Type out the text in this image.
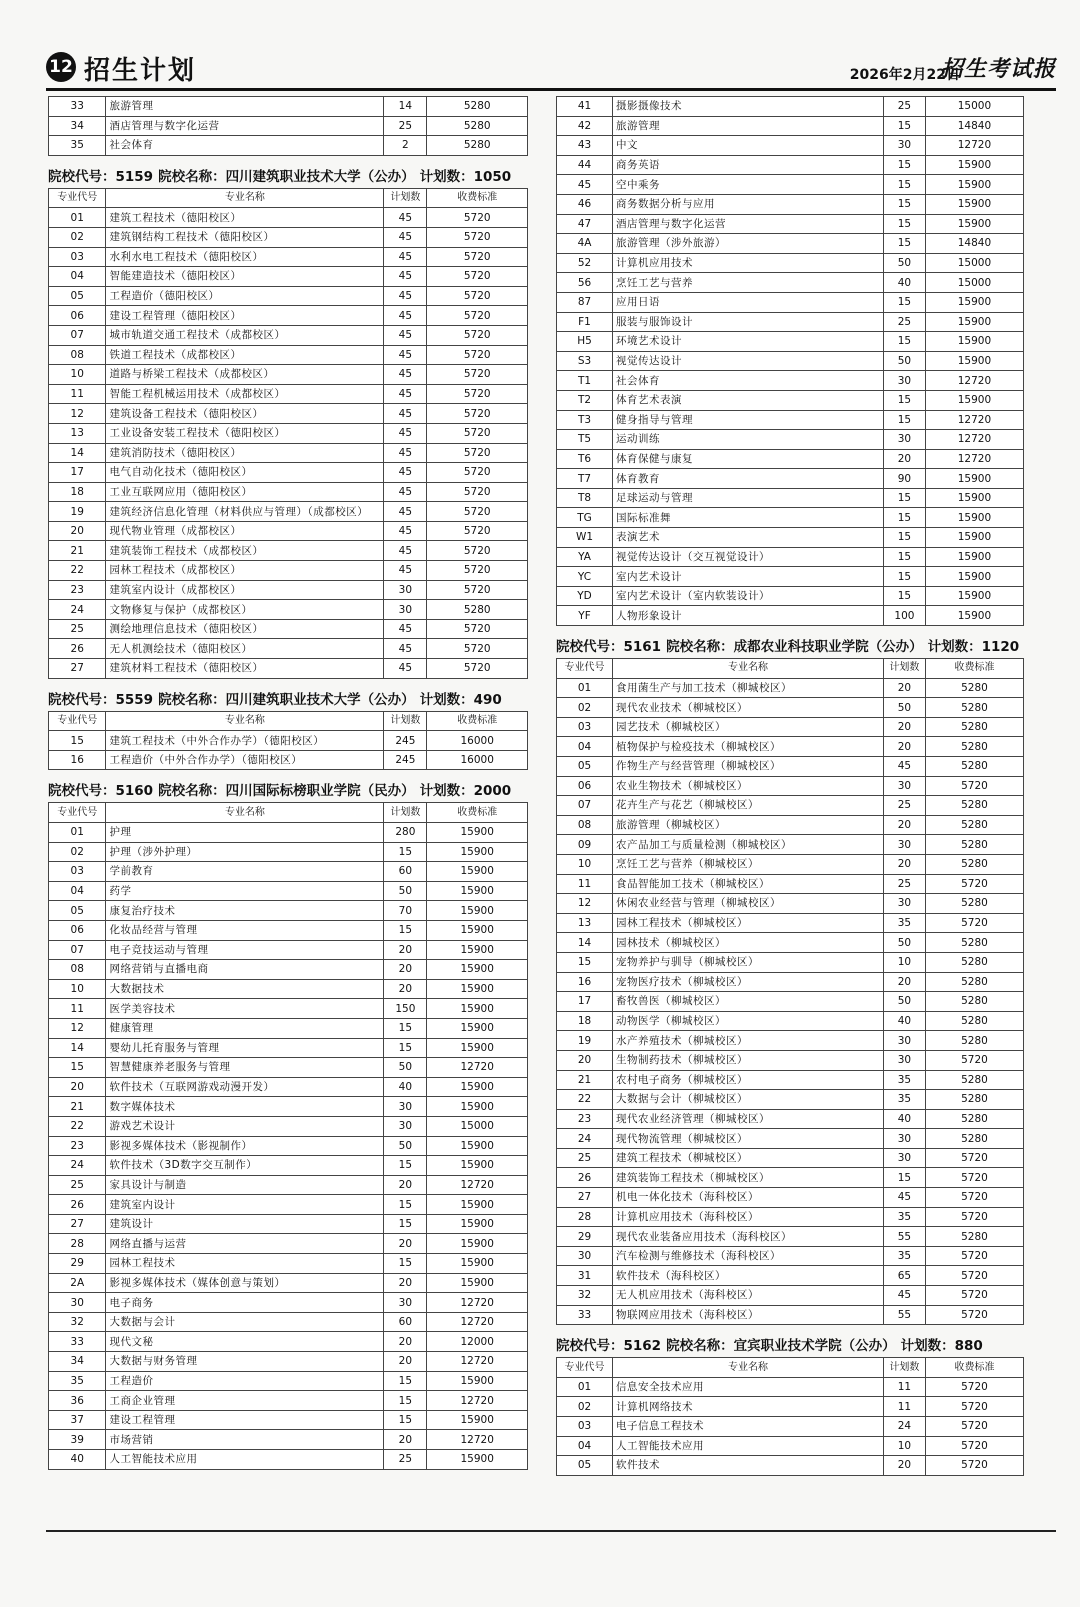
12 招生计划	2026年2月22日
招生考试报
33	旅游管理	14	5280
34	酒店管理与数字化运营	25	5280
35	社会体育	2	5280
院校代号：5159 院校名称：四川建筑职业技术大学（公办） 计划数：1050
专业代号	专业名称	计划数	收费标准
01	建筑工程技术（德阳校区）	45	5720
02	建筑钢结构工程技术（德阳校区）	45	5720
03	水利水电工程技术（德阳校区）	45	5720
04	智能建造技术（德阳校区）	45	5720
05	工程造价（德阳校区）	45	5720
06	建设工程管理（德阳校区）	45	5720
07	城市轨道交通工程技术（成都校区）	45	5720
08	铁道工程技术（成都校区）	45	5720
10	道路与桥梁工程技术（成都校区）	45	5720
11	智能工程机械运用技术（成都校区）	45	5720
12	建筑设备工程技术（德阳校区）	45	5720
13	工业设备安装工程技术（德阳校区）	45	5720
14	建筑消防技术（德阳校区）	45	5720
17	电气自动化技术（德阳校区）	45	5720
18	工业互联网应用（德阳校区）	45	5720
19	建筑经济信息化管理（材料供应与管理）（成都校区）	45	5720
20	现代物业管理（成都校区）	45	5720
21	建筑装饰工程技术（成都校区）	45	5720
22	园林工程技术（成都校区）	45	5720
23	建筑室内设计（成都校区）	30	5720
24	文物修复与保护（成都校区）	30	5280
25	测绘地理信息技术（德阳校区）	45	5720
26	无人机测绘技术（德阳校区）	45	5720
27	建筑材料工程技术（德阳校区）	45	5720
院校代号：5559 院校名称：四川建筑职业技术大学（公办） 计划数：490
专业代号	专业名称	计划数	收费标准
15	建筑工程技术（中外合作办学）（德阳校区）	245	16000
16	工程造价（中外合作办学）（德阳校区）	245	16000
院校代号：5160 院校名称：四川国际标榜职业学院（民办） 计划数：2000
专业代号	专业名称	计划数	收费标准
01	护理	280	15900
02	护理（涉外护理）	15	15900
03	学前教育	60	15900
04	药学	50	15900
05	康复治疗技术	70	15900
06	化妆品经营与管理	15	15900
07	电子竞技运动与管理	20	15900
08	网络营销与直播电商	20	15900
10	大数据技术	20	15900
11	医学美容技术	150	15900
12	健康管理	15	15900
14	婴幼儿托育服务与管理	15	15900
15	智慧健康养老服务与管理	50	12720
20	软件技术（互联网游戏动漫开发）	40	15900
21	数字媒体技术	30	15900
22	游戏艺术设计	30	15000
23	影视多媒体技术（影视制作）	50	15900
24	软件技术（3D数字交互制作）	15	15900
25	家具设计与制造	20	12720
26	建筑室内设计	15	15900
27	建筑设计	15	15900
28	网络直播与运营	20	15900
29	园林工程技术	15	15900
2A	影视多媒体技术（媒体创意与策划）	20	15900
30	电子商务	30	12720
32	大数据与会计	60	12720
33	现代文秘	20	12000
34	大数据与财务管理	20	12720
35	工程造价	15	15900
36	工商企业管理	15	12720
37	建设工程管理	15	15900
39	市场营销	20	12720
40	人工智能技术应用	25	15900
41	摄影摄像技术	25	15000
42	旅游管理	15	14840
43	中文	30	12720
44	商务英语	15	15900
45	空中乘务	15	15900
46	商务数据分析与应用	15	15900
47	酒店管理与数字化运营	15	15900
4A	旅游管理（涉外旅游）	15	14840
52	计算机应用技术	50	15000
56	烹饪工艺与营养	40	15000
87	应用日语	15	15900
F1	服装与服饰设计	25	15900
H5	环境艺术设计	15	15900
S3	视觉传达设计	50	15900
T1	社会体育	30	12720
T2	体育艺术表演	15	15900
T3	健身指导与管理	15	12720
T5	运动训练	30	12720
T6	体育保健与康复	20	12720
T7	体育教育	90	15900
T8	足球运动与管理	15	15900
TG	国际标准舞	15	15900
W1	表演艺术	15	15900
YA	视觉传达设计（交互视觉设计）	15	15900
YC	室内艺术设计	15	15900
YD	室内艺术设计（室内软装设计）	15	15900
YF	人物形象设计	100	15900
院校代号：5161 院校名称：成都农业科技职业学院（公办） 计划数：1120
专业代号	专业名称	计划数	收费标准
01	食用菌生产与加工技术（柳城校区）	20	5280
02	现代农业技术（柳城校区）	50	5280
03	园艺技术（柳城校区）	20	5280
04	植物保护与检疫技术（柳城校区）	20	5280
05	作物生产与经营管理（柳城校区）	45	5280
06	农业生物技术（柳城校区）	30	5720
07	花卉生产与花艺（柳城校区）	25	5280
08	旅游管理（柳城校区）	20	5280
09	农产品加工与质量检测（柳城校区）	30	5280
10	烹饪工艺与营养（柳城校区）	20	5280
11	食品智能加工技术（柳城校区）	25	5720
12	休闲农业经营与管理（柳城校区）	30	5280
13	园林工程技术（柳城校区）	35	5720
14	园林技术（柳城校区）	50	5280
15	宠物养护与驯导（柳城校区）	10	5280
16	宠物医疗技术（柳城校区）	20	5280
17	畜牧兽医（柳城校区）	50	5280
18	动物医学（柳城校区）	40	5280
19	水产养殖技术（柳城校区）	30	5280
20	生物制药技术（柳城校区）	30	5720
21	农村电子商务（柳城校区）	35	5280
22	大数据与会计（柳城校区）	35	5280
23	现代农业经济管理（柳城校区）	40	5280
24	现代物流管理（柳城校区）	30	5280
25	建筑工程技术（柳城校区）	30	5720
26	建筑装饰工程技术（柳城校区）	15	5720
27	机电一体化技术（海科校区）	45	5720
28	计算机应用技术（海科校区）	35	5720
29	现代农业装备应用技术（海科校区）	55	5280
30	汽车检测与维修技术（海科校区）	35	5720
31	软件技术（海科校区）	65	5720
32	无人机应用技术（海科校区）	45	5720
33	物联网应用技术（海科校区）	55	5720
院校代号：5162 院校名称：宜宾职业技术学院（公办） 计划数：880
专业代号	专业名称	计划数	收费标准
01	信息安全技术应用	11	5720
02	计算机网络技术	11	5720
03	电子信息工程技术	24	5720
04	人工智能技术应用	10	5720
05	软件技术	20	5720
